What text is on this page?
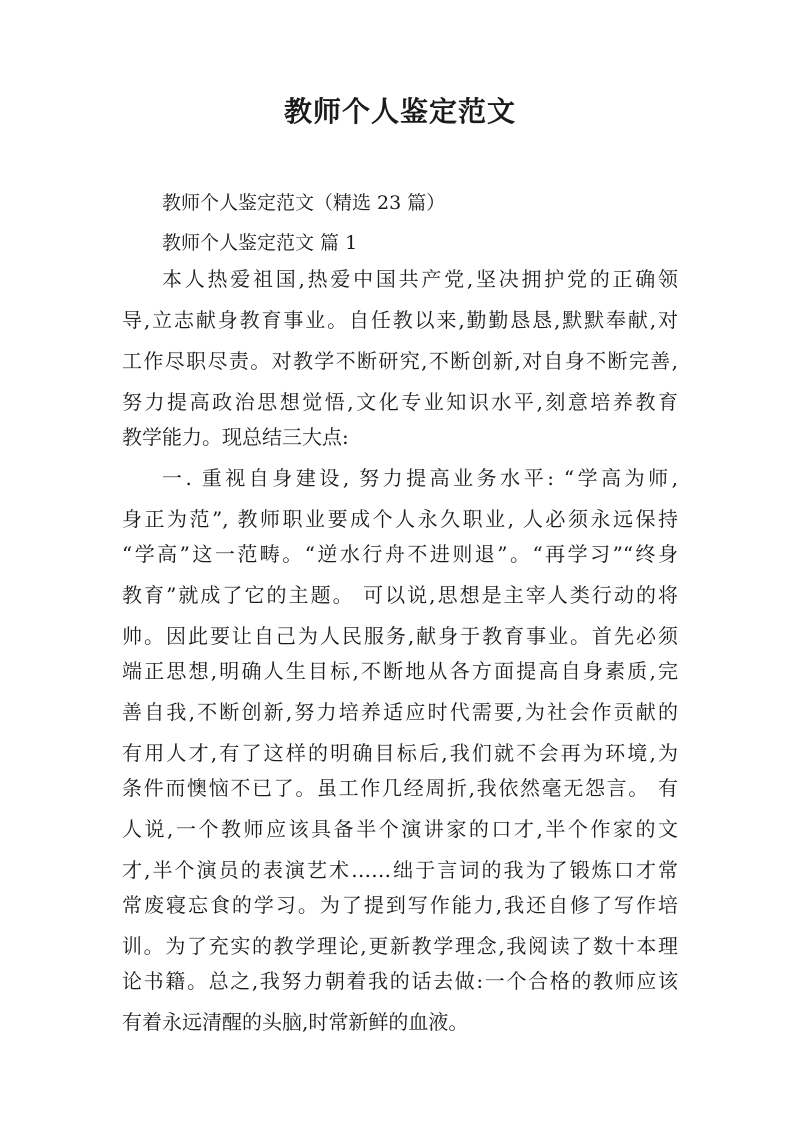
教师个人鉴定范文
教师个人鉴定范文（精选 23 篇）
教师个人鉴定范文 篇 1
本人热爱祖国,热爱中国共产党,坚决拥护党的正确领
导,立志献身教育事业。自任教以来,勤勤恳恳,默默奉献,对
工作尽职尽责。对教学不断研究,不断创新,对自身不断完善,
努力提高政治思想觉悟,文化专业知识水平,刻意培养教育
教学能力。现总结三大点:
一. 重视自身建设, 努力提高业务水平: “学高为师,
身正为范”, 教师职业要成个人永久职业, 人必须永远保持
“学高”这一范畴。“逆水行舟不进则退”。“再学习”“终身
教育”就成了它的主题。 可以说,思想是主宰人类行动的将
帅。因此要让自己为人民服务,献身于教育事业。首先必须
端正思想,明确人生目标,不断地从各方面提高自身素质,完
善自我,不断创新,努力培养适应时代需要,为社会作贡献的
有用人才,有了这样的明确目标后,我们就不会再为环境,为
条件而懊恼不已了。虽工作几经周折,我依然毫无怨言。 有
人说,一个教师应该具备半个演讲家的口才,半个作家的文
才,半个演员的表演艺术……绌于言词的我为了锻炼口才常
常废寝忘食的学习。为了提到写作能力,我还自修了写作培
训。为了充实的教学理论,更新教学理念,我阅读了数十本理
论书籍。总之,我努力朝着我的话去做:一个合格的教师应该
有着永远清醒的头脑,时常新鲜的血液。
